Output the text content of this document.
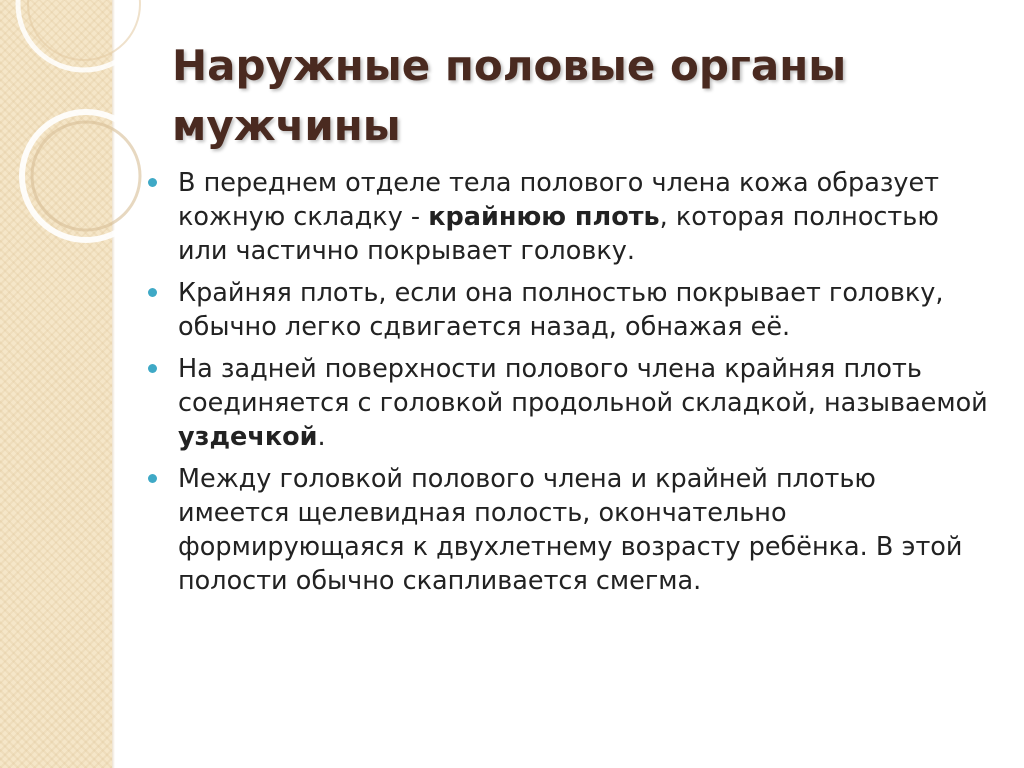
Наружные половые органы мужчины
В переднем отделе тела полового члена кожа образует кожную складку - крайнюю плоть, которая полностью или частично покрывает головку.
Крайняя плоть, если она полностью покрывает головку, обычно легко сдвигается назад, обнажая её.
На задней поверхности полового члена крайняя плоть соединяется с головкой продольной складкой, называемой уздечкой.
Между головкой полового члена и крайней плотью имеется щелевидная полость, окончательно формирующаяся к двухлетнему возрасту ребёнка. В этой полости обычно скапливается смегма.
